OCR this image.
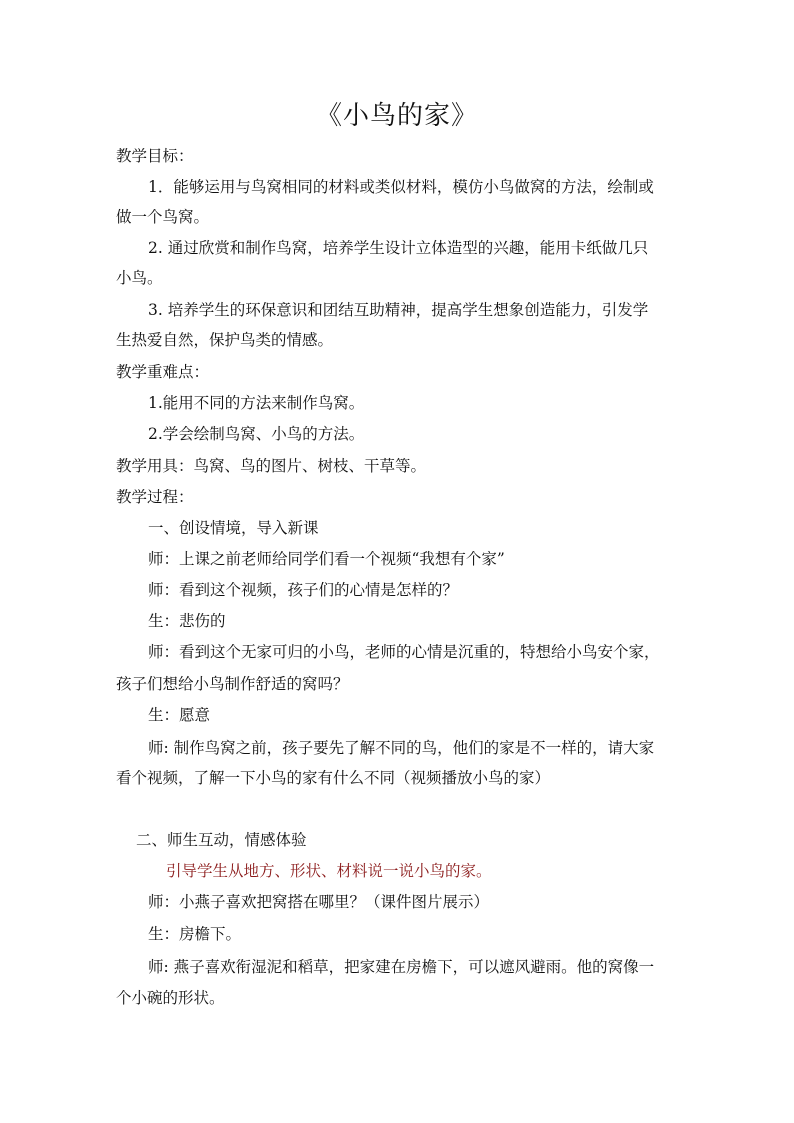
《小鸟的家》
教学目标：
1．能够运用与鸟窝相同的材料或类似材料，模仿小鸟做窝的方法，绘制或
做一个鸟窝。
2. 通过欣赏和制作鸟窝，培养学生设计立体造型的兴趣，能用卡纸做几只
小鸟。
3. 培养学生的环保意识和团结互助精神，提高学生想象创造能力，引发学
生热爱自然，保护鸟类的情感。
教学重难点：
1.能用不同的方法来制作鸟窝。
2.学会绘制鸟窝、小鸟的方法。
教学用具：鸟窝、鸟的图片、树枝、干草等。
教学过程：
一、创设情境，导入新课
师：上课之前老师给同学们看一个视频“我想有个家”
师：看到这个视频，孩子们的心情是怎样的？
生：悲伤的
师：看到这个无家可归的小鸟，老师的心情是沉重的，特想给小鸟安个家，
孩子们想给小鸟制作舒适的窝吗？
生：愿意
师: 制作鸟窝之前，孩子要先了解不同的鸟，他们的家是不一样的，请大家
看个视频，了解一下小鸟的家有什么不同（视频播放小鸟的家）
二、师生互动，情感体验
引导学生从地方、形状、材料说一说小鸟的家。
师：小燕子喜欢把窝搭在哪里？（课件图片展示）
生：房檐下。
师: 燕子喜欢衔湿泥和稻草，把家建在房檐下，可以遮风避雨。他的窝像一
个小碗的形状。
